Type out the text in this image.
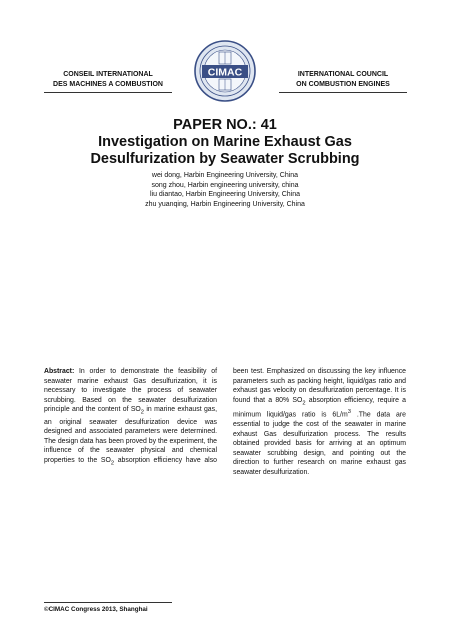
CONSEIL INTERNATIONAL
DES MACHINES A COMBUSTION
CIMAC	INTERNATIONAL COUNCIL
ON COMBUSTION ENGINES
PAPER NO.: 41
Investigation on Marine Exhaust Gas
Desulfurization by Seawater Scrubbing
wei dong, Harbin Engineering University, China
song zhou, Harbin engineering university, china
liu diantao, Harbin Engineering University, China
zhu yuanqing, Harbin Engineering University, China

Abstract: In order to demonstrate the feasibility of seawater marine exhaust Gas desulfurization, it is necessary to investigate the process of seawater scrubbing. Based on the seawater desulfurization principle and the content of $SO_2$ in marine exhaust gas, an original seawater desulfurization device was designed and associated parameters were determined. The design data has been proved by the experiment, the influence of the seawater physical and chemical properties to the $SO_2$ absorption efficiency have also been test. Emphasized on discussing the key influence parameters such as packing height, liquid/gas ratio and exhaust gas velocity on desulfurization percentage. It is found that a 80% $SO_2$ absorption efficiency, require a minimum liquid/gas ratio is $6L/m^3$ .The data are essential to judge the cost of the seawater in marine exhaust Gas desulfurization process. The results obtained provided basis for arriving at an optimum seawater scrubbing design, and pointing out the direction to further research on marine exhaust gas seawater desulfurization.

©CIMAC Congress 2013, Shanghai
